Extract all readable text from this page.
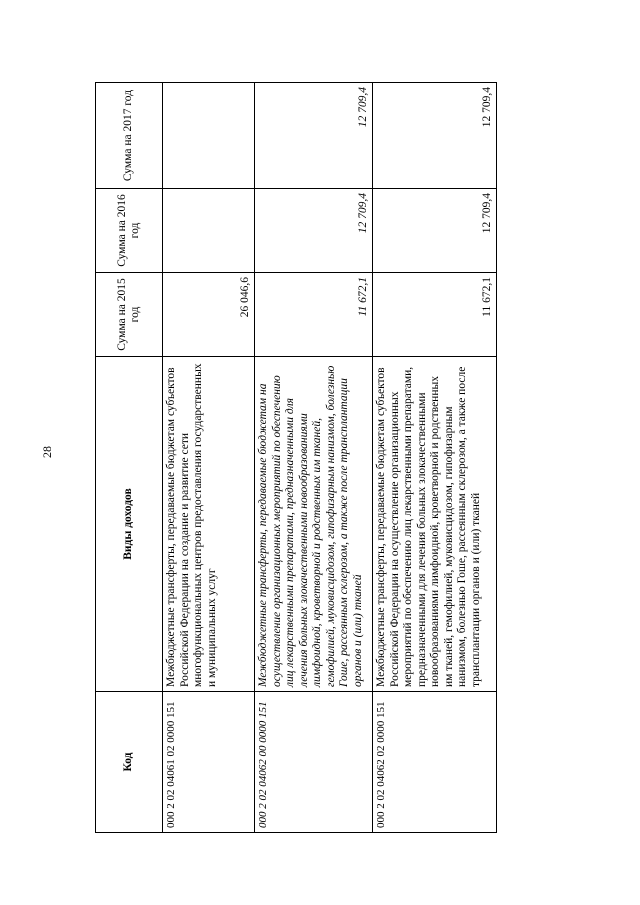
28
Код	Виды доходов	Сумма на 2015 год	Сумма на 2016 год	Сумма на 2017 год
000 2 02 04061 02 0000 151	Межбюджетные трансферты, передаваемые бюджетам субъектов Российской Федерации на создание и развитие сети многофункциональных центров предоставления государственных и муниципальных услуг	26 046,6		
000 2 02 04062 00 0000 151	Межбюджетные трансферты, передаваемые бюджетам на осуществление организационных мероприятий по обеспечению лиц лекарственными препаратами, предназначенными для лечения больных злокачественными новообразованиями лимфоидной, кроветворной и родственных им тканей, гемофилией, муковисцидозом, гипофизарным нанизмом, болезнью Гоше, рассеянным склерозом, а также после трансплантации органов и (или) тканей	11 672,1	12 709,4	12 709,4
000 2 02 04062 02 0000 151	Межбюджетные трансферты, передаваемые бюджетам субъектов Российской Федерации на осуществление организационных мероприятий по обеспечению лиц лекарственными препаратами, предназначенными для лечения больных злокачественными новообразованиями лимфоидной, кроветворной и родственных им тканей, гемофилией, муковисцидозом, гипофизарным нанизмом, болезнью Гоше, рассеянным склерозом, а также после трансплантации органов и (или) тканей	11 672,1	12 709,4	12 709,4
